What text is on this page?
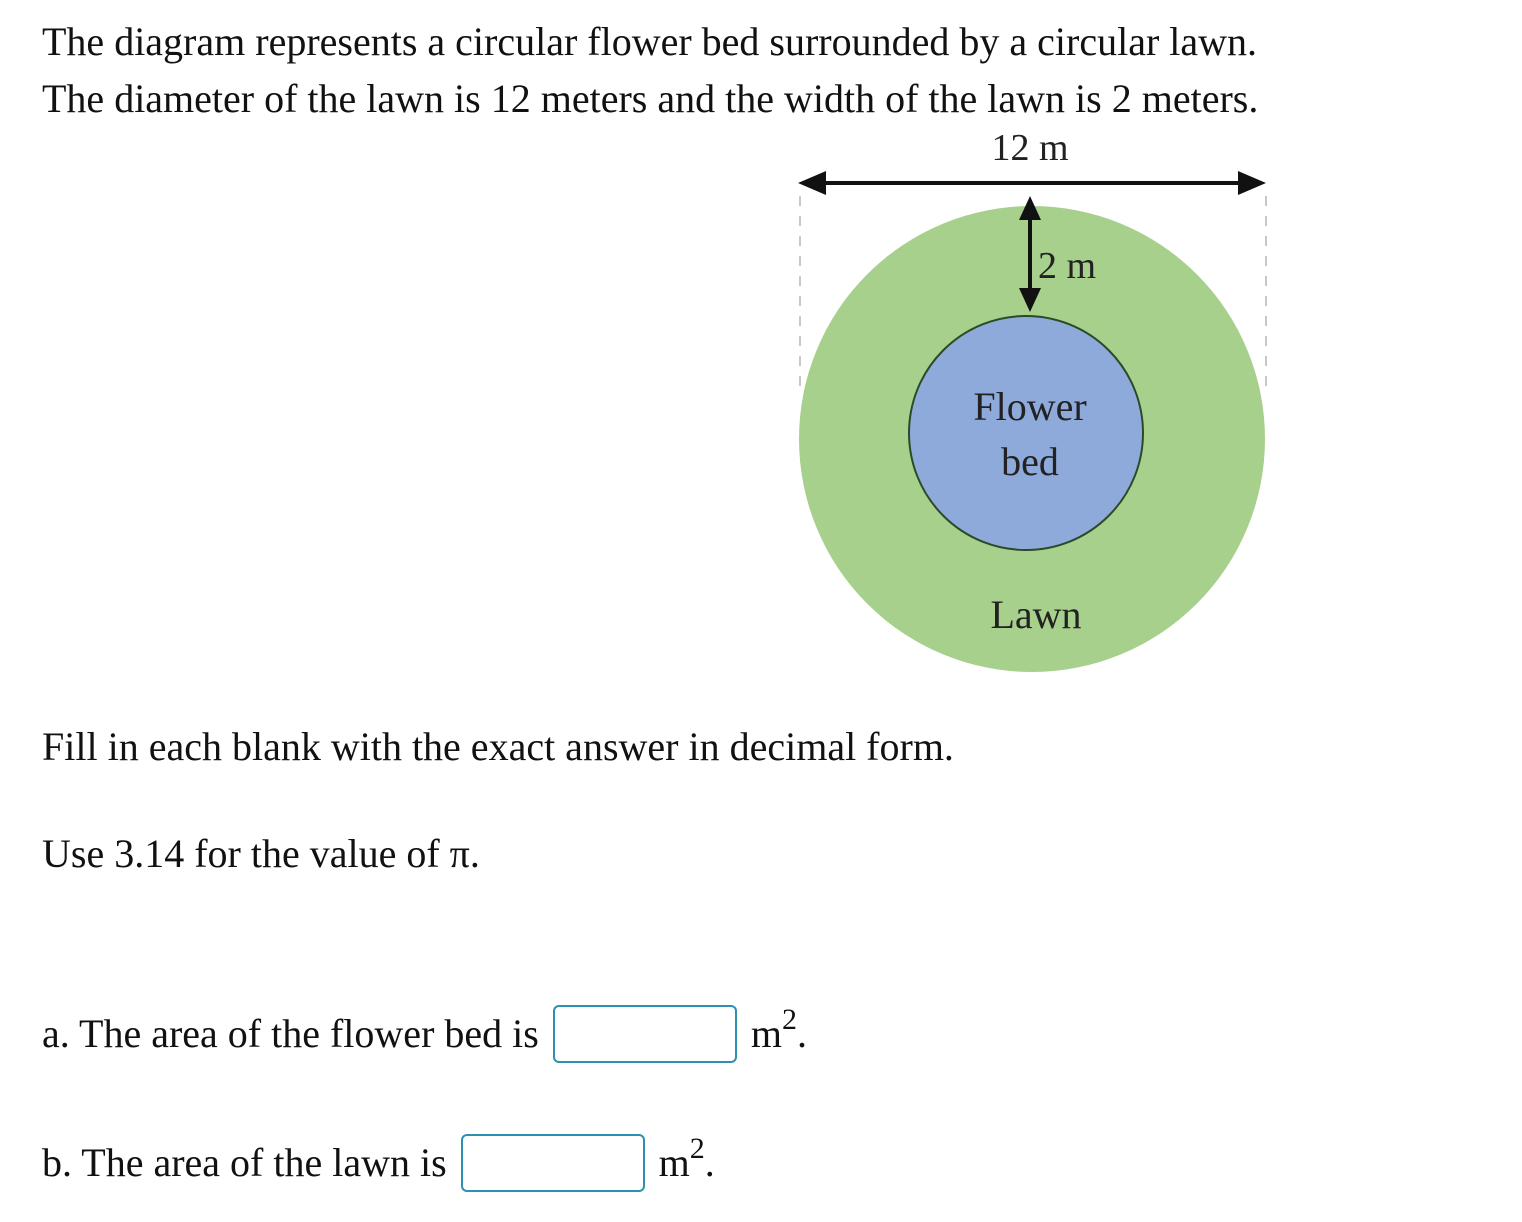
The diagram represents a circular flower bed surrounded by a circular lawn.
The diameter of the lawn is 12 meters and the width of the lawn is 2 meters.
12 m
2 m
Flower
bed
Lawn
Fill in each blank with the exact answer in decimal form.
Use 3.14 for the value of π.
a. The area of the flower bed is	$m^2$.
b. The area of the lawn is	$m^2$.
